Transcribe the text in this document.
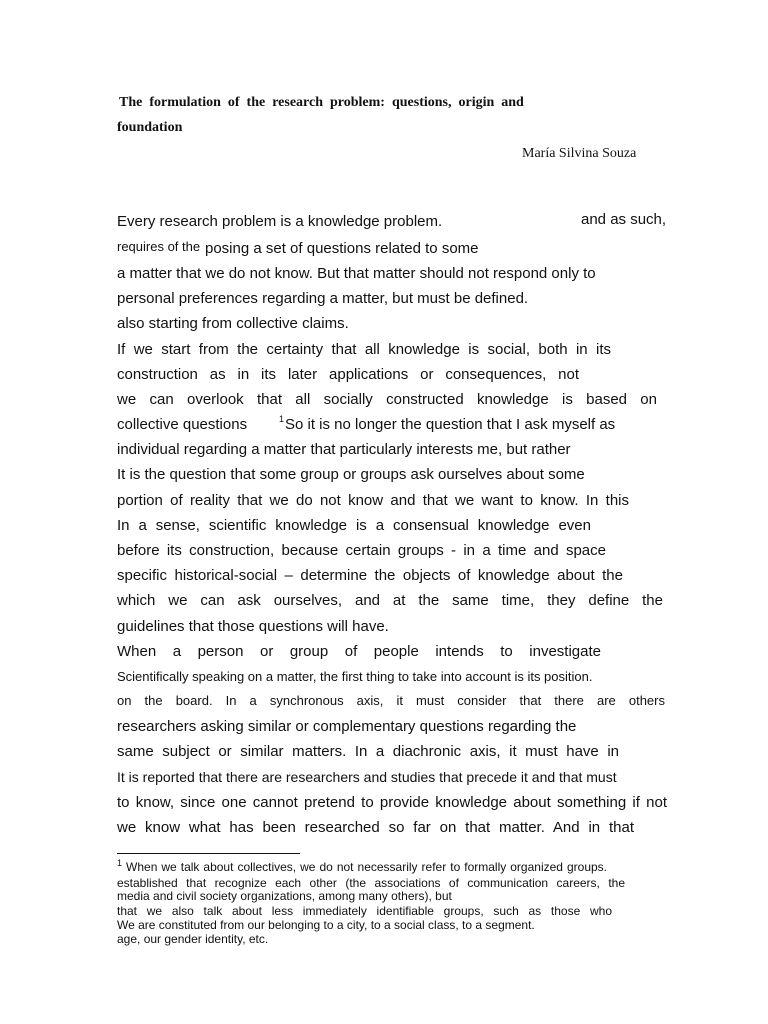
The  formulation  of  the  research  problem:  questions,  origin  and
foundation
María Silvina Souza
Every research problem is a knowledge problem.	and as such,
requires of the posing a set of questions related to some
a matter that we do not know. But that matter should not respond only to
personal preferences regarding a matter, but must be defined.
also starting from collective claims.
If we start from the certainty that all knowledge is social, both in its
construction as in its later applications or consequences, not
we can overlook that all socially constructed knowledge is based on
collective questions	1 So it is no longer the question that I ask myself as
individual regarding a matter that particularly interests me, but rather
It is the question that some group or groups ask ourselves about some
portion of reality that we do not know and that we want to know. In this
In a sense, scientific knowledge is a consensual knowledge even
before its construction, because certain groups - in a time and space
specific historical-social – determine the objects of knowledge about the
which we can ask ourselves, and at the same time, they define the
guidelines that those questions will have.
When a person or group of people intends to investigate
Scientifically speaking on a matter, the first thing to take into account is its position.
on the board. In a synchronous axis, it must consider that there are others
researchers asking similar or complementary questions regarding the
same subject or similar matters. In a diachronic axis, it must have in
It is reported that there are researchers and studies that precede it and that must
to know, since one cannot pretend to provide knowledge about something if not
we know what has been researched so far on that matter. And in that
$^1$ When we talk about collectives, we do not necessarily refer to formally organized groups.
established that recognize each other (the associations of communication careers, the
media and civil society organizations, among many others), but
that we also talk about less immediately identifiable groups, such as those who
We are constituted from our belonging to a city, to a social class, to a segment.
age, our gender identity, etc.
